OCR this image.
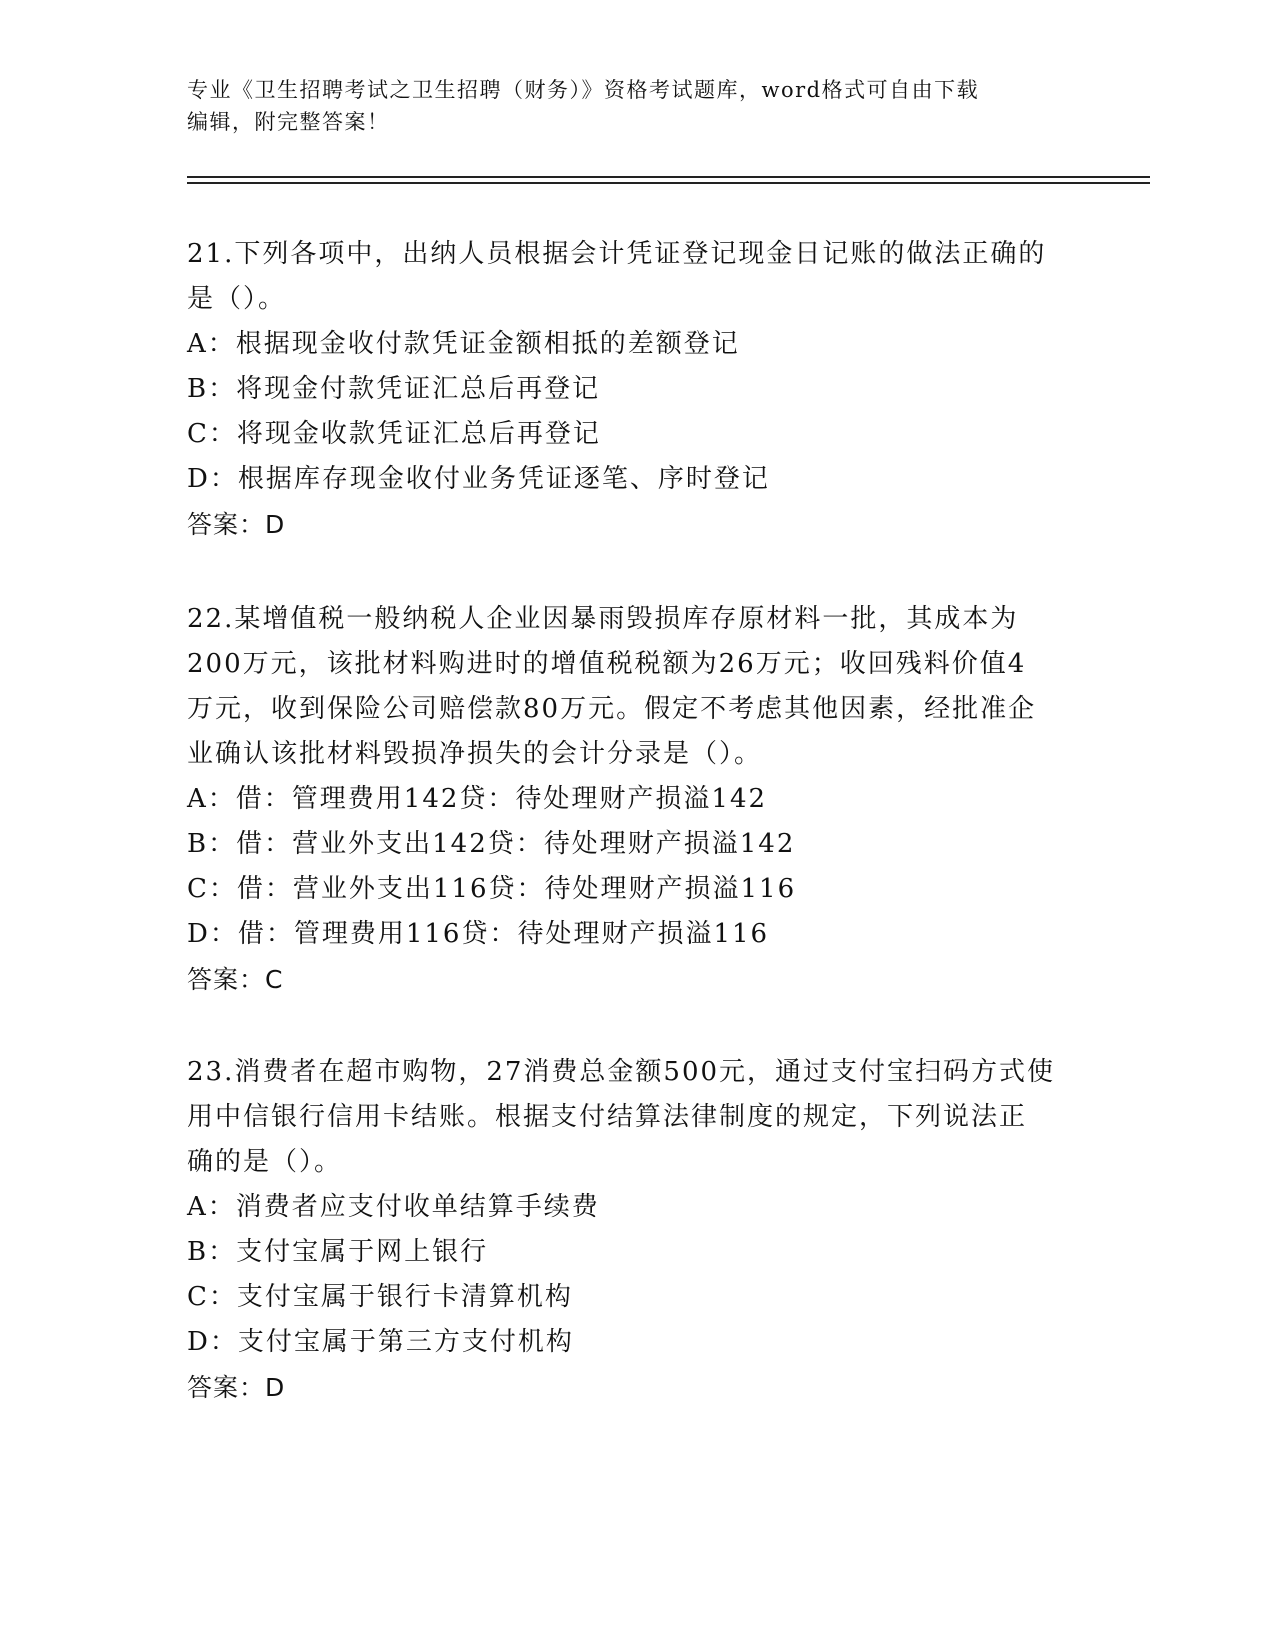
专业《卫生招聘考试之卫生招聘（财务）》资格考试题库，word格式可自由下载
编辑，附完整答案！

21.下列各项中，出纳人员根据会计凭证登记现金日记账的做法正确的

是（）。

A：根据现金收付款凭证金额相抵的差额登记

B：将现金付款凭证汇总后再登记

C：将现金收款凭证汇总后再登记

D：根据库存现金收付业务凭证逐笔、序时登记

答案：D

22.某增值税一般纳税人企业因暴雨毁损库存原材料一批，其成本为

200万元，该批材料购进时的增值税税额为26万元；收回残料价值4

万元，收到保险公司赔偿款80万元。假定不考虑其他因素，经批准企

业确认该批材料毁损净损失的会计分录是（）。

A：借：管理费用142贷：待处理财产损溢142

B：借：营业外支出142贷：待处理财产损溢142

C：借：营业外支出116贷：待处理财产损溢116

D：借：管理费用116贷：待处理财产损溢116

答案：C

23.消费者在超市购物，27消费总金额500元，通过支付宝扫码方式使

用中信银行信用卡结账。根据支付结算法律制度的规定，下列说法正

确的是（）。

A：消费者应支付收单结算手续费

B：支付宝属于网上银行

C：支付宝属于银行卡清算机构

D：支付宝属于第三方支付机构

答案：D
